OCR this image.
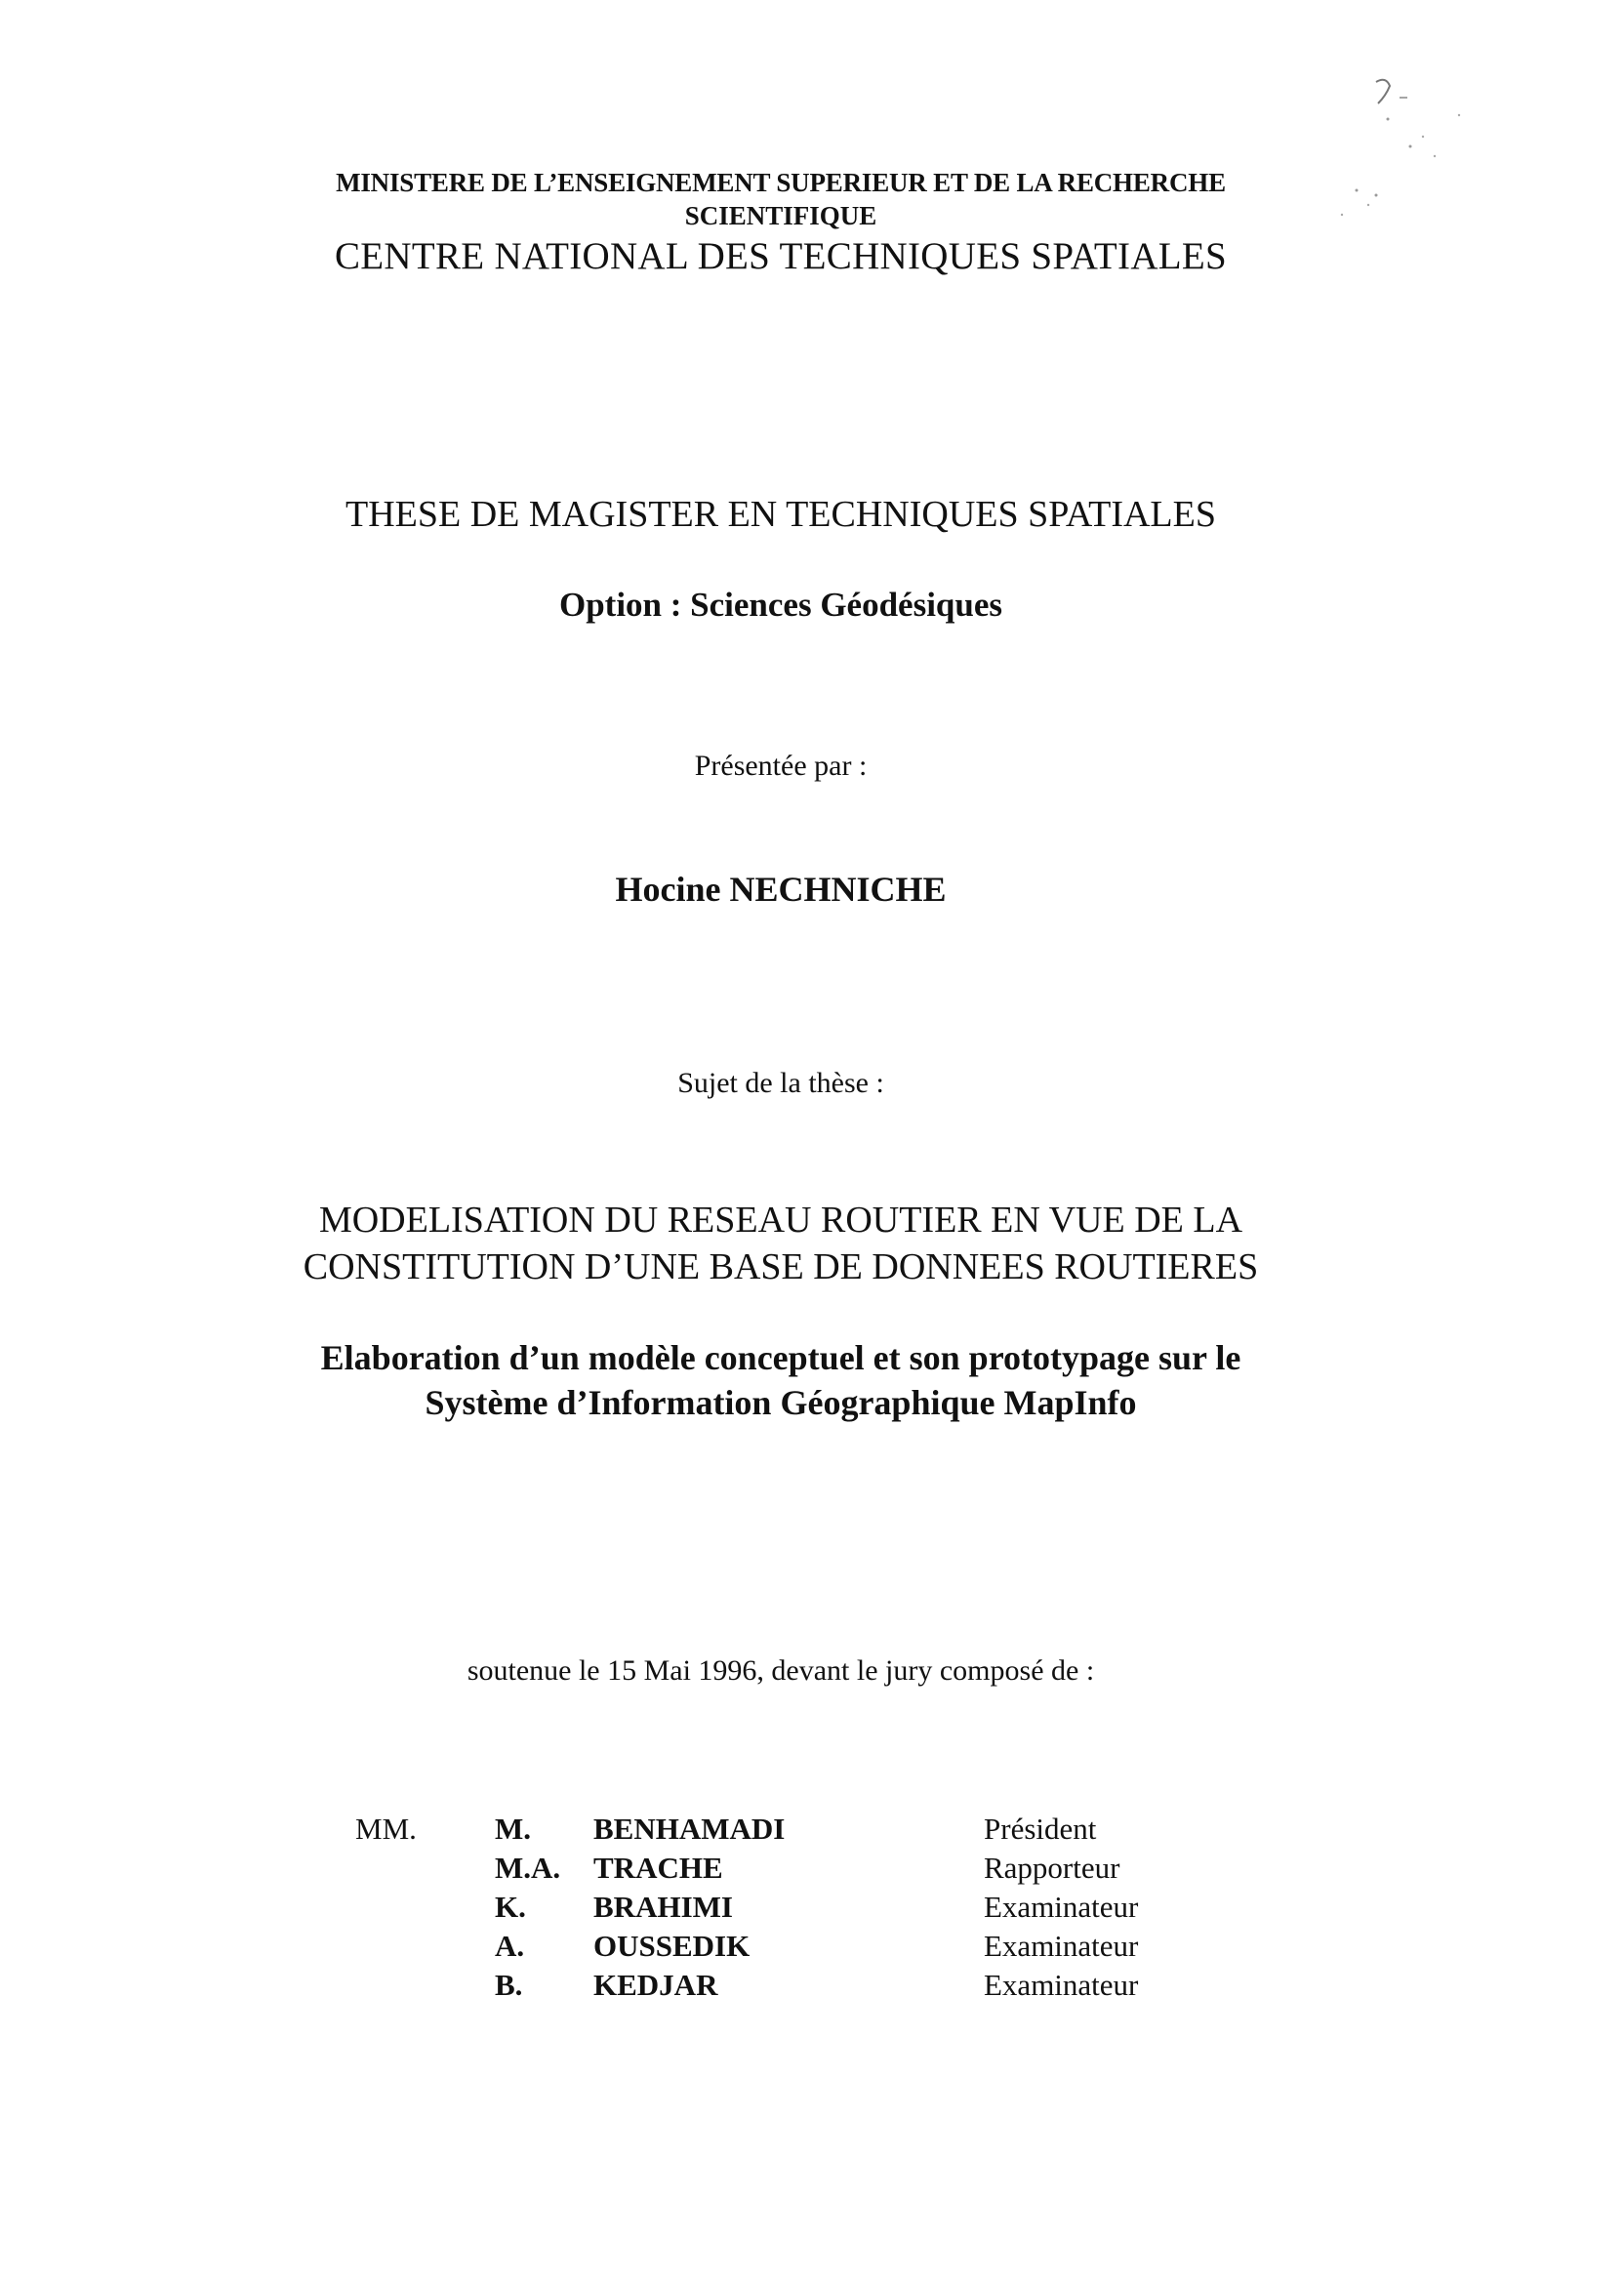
MINISTERE DE L’ENSEIGNEMENT SUPERIEUR ET DE LA RECHERCHE
SCIENTIFIQUE
CENTRE NATIONAL DES TECHNIQUES SPATIALES
THESE DE MAGISTER EN TECHNIQUES SPATIALES
Option : Sciences Géodésiques
Présentée par :
Hocine NECHNICHE
Sujet de la thèse :
MODELISATION DU RESEAU ROUTIER EN VUE DE LA
CONSTITUTION D’UNE BASE DE DONNEES ROUTIERES
Elaboration d’un modèle conceptuel et son prototypage sur le
Système d’Information Géographique MapInfo
soutenue le 15 Mai 1996, devant le jury composé de :
MM.	M. BENHAMADI	Président
M.A. TRACHE	Rapporteur
K. BRAHIMI	Examinateur
A. OUSSEDIK	Examinateur
B. KEDJAR	Examinateur
